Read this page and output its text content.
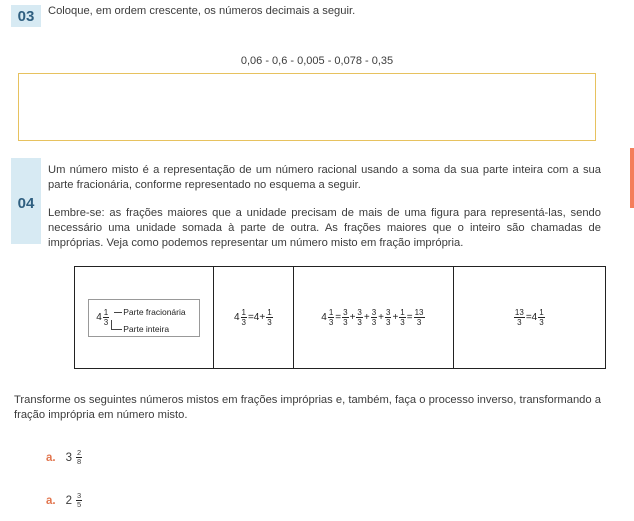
03	Coloque, em ordem crescente, os números decimais a seguir.
0,06 - 0,6 - 0,005 - 0,078 - 0,35
04
Um número misto é a representação de um número racional usando a soma da sua parte inteira com a sua parte fracionária, conforme representado no esquema a seguir.
Lembre-se: as frações maiores que a unidade precisam de mais de uma figura para representá-las, sendo necessário uma unidade somada à parte de outra. As frações maiores que o inteiro são chamadas de impróprias. Veja como podemos representar um número misto em fração imprópria.
$4 \frac{1}{3}$ Parte fracionária
Parte inteira
$4 \frac{1}{3} =4+ \frac{1}{3}$	$4 \frac{1}{3} = \frac{3}{3} + \frac{3}{3} + \frac{3}{3} + \frac{3}{3} + \frac{1}{3} = \frac{13}{3}$	$\frac{13}{3} =4 \frac{1}{3}$
Transforme os seguintes números mistos em frações impróprias e, também, faça o processo inverso, transformando a fração imprópria em número misto.
a. $3 \frac{2}{8}$
a. $2 \frac{3}{5}$
